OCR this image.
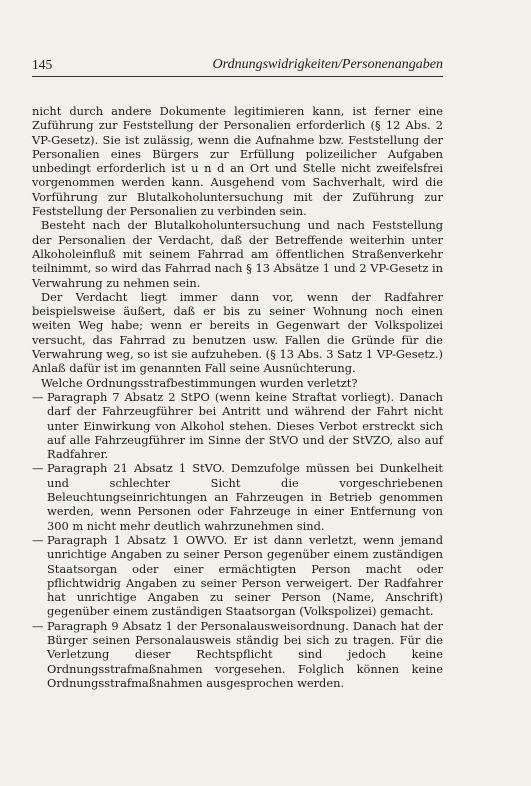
145	Ordnungswidrigkeiten/Personenangaben

nicht durch andere Dokumente legitimieren kann, ist ferner eine Zuführung zur Feststellung der Personalien erforderlich (§ 12 Abs. 2 VP-Gesetz). Sie ist zulässig, wenn die Aufnahme bzw. Feststellung der Personalien eines Bürgers zur Erfüllung polizeilicher Aufgaben unbedingt erforderlich ist u n d an Ort und Stelle nicht zweifelsfrei vorgenommen werden kann. Ausgehend vom Sachverhalt, wird die Vorführung zur Blutalkoholuntersuchung mit der Zuführung zur Feststellung der Personalien zu verbinden sein.

Besteht nach der Blutalkoholuntersuchung und nach Feststellung der Personalien der Verdacht, daß der Betreffende weiterhin unter Alkoholeinfluß mit seinem Fahrrad am öffentlichen Straßenverkehr teilnimmt, so wird das Fahrrad nach § 13 Absätze 1 und 2 VP-Gesetz in Verwahrung zu nehmen sein.

Der Verdacht liegt immer dann vor, wenn der Radfahrer beispielsweise äußert, daß er bis zu seiner Wohnung noch einen weiten Weg habe; wenn er bereits in Gegenwart der Volkspolizei versucht, das Fahrrad zu benutzen usw. Fallen die Gründe für die Verwahrung weg, so ist sie aufzuheben. (§ 13 Abs. 3 Satz 1 VP-Gesetz.) Anlaß dafür ist im genannten Fall seine Ausnüchterung.

Welche Ordnungsstrafbestimmungen wurden verletzt?

— Paragraph 7 Absatz 2 StPO (wenn keine Straftat vorliegt). Danach darf der Fahrzeugführer bei Antritt und während der Fahrt nicht unter Einwirkung von Alkohol stehen. Dieses Verbot erstreckt sich auf alle Fahrzeugführer im Sinne der StVO und der StVZO, also auf Radfahrer.

— Paragraph 21 Absatz 1 StVO. Demzufolge müssen bei Dunkelheit und schlechter Sicht die vorgeschriebenen Beleuchtungseinrichtungen an Fahrzeugen in Betrieb genommen werden, wenn Personen oder Fahrzeuge in einer Entfernung von 300 m nicht mehr deutlich wahrzunehmen sind.

— Paragraph 1 Absatz 1 OWVO. Er ist dann verletzt, wenn jemand unrichtige Angaben zu seiner Person gegenüber einem zuständigen Staatsorgan oder einer ermächtigten Person macht oder pflichtwidrig Angaben zu seiner Person verweigert. Der Radfahrer hat unrichtige Angaben zu seiner Person (Name, Anschrift) gegenüber einem zuständigen Staatsorgan (Volkspolizei) gemacht.

— Paragraph 9 Absatz 1 der Personalausweisordnung. Danach hat der Bürger seinen Personalausweis ständig bei sich zu tragen. Für die Verletzung dieser Rechtspflicht sind jedoch keine Ordnungsstrafmaßnahmen vorgesehen. Folglich können keine Ordnungsstrafmaßnahmen ausgesprochen werden.
